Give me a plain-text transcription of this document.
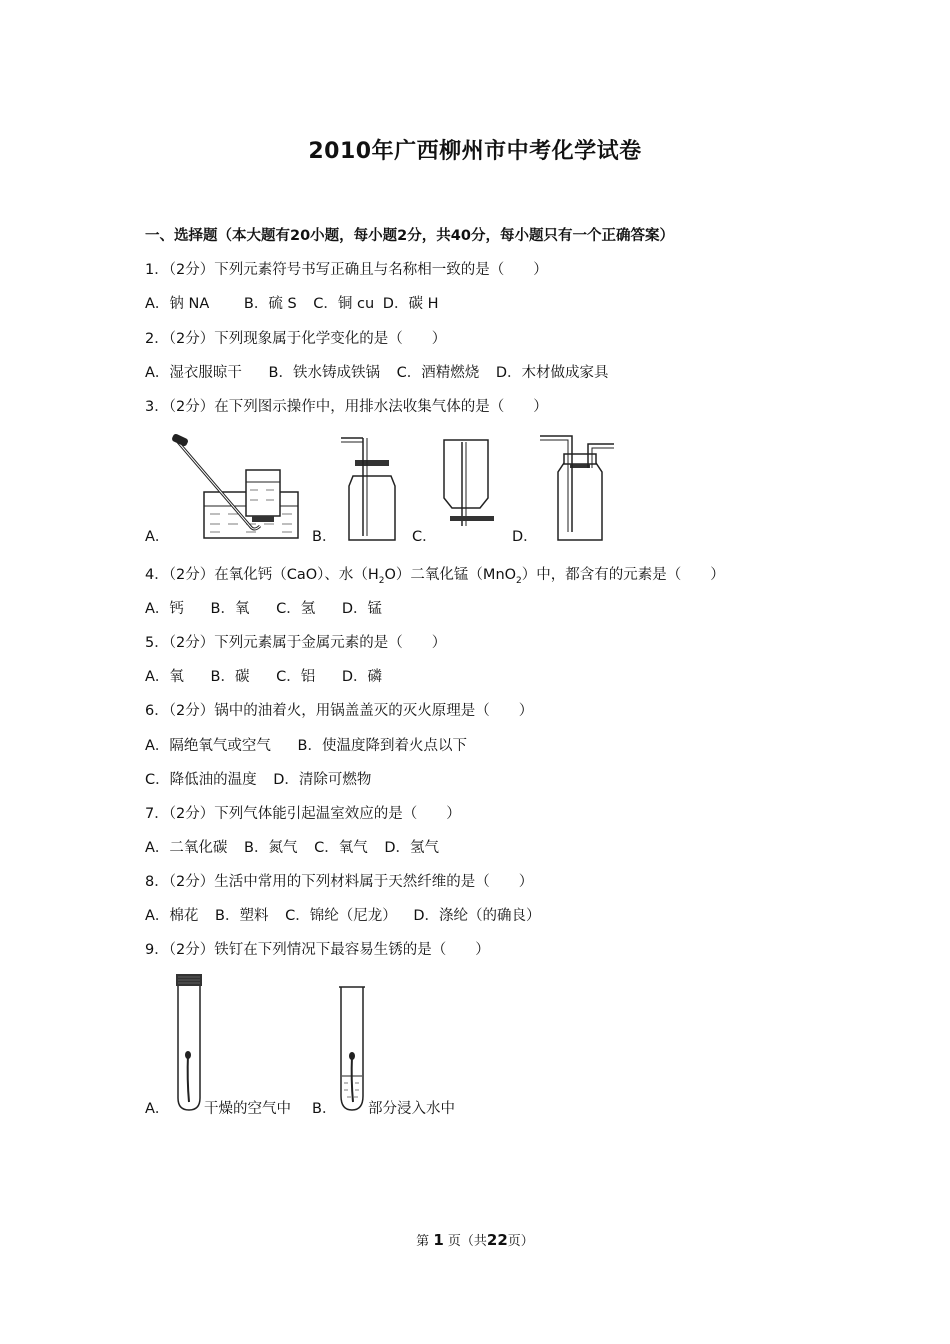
2010年广西柳州市中考化学试卷
一、选择题（本大题有20小题，每小题2分，共40分，每小题只有一个正确答案）
1．（2分）下列元素符号书写正确且与名称相一致的是（　　）
A．钠 NA B．硫 S C．铜 cu D．碳 H
2．（2分）下列现象属于化学变化的是（　　）
A．湿衣服晾干 B．铁水铸成铁锅 C．酒精燃烧 D．木材做成家具
3．（2分）在下列图示操作中，用排水法收集气体的是（　　）
A．	B．	C．	D．
4．（2分）在氧化钙（CaO）、水$(H_2O)$二氧化锰（MnO$_2$）中，都含有的元素是（　　）
A．钙 B．氧 C．氢 D．锰
5．（2分）下列元素属于金属元素的是（　　）
A．氧 B．碳 C．铝 D．磷
6．（2分）锅中的油着火，用锅盖盖灭的灭火原理是（　　）
A．隔绝氧气或空气 B．使温度降到着火点以下
C．降低油的温度 D．清除可燃物
7．（2分）下列气体能引起温室效应的是（　　）
A．二氧化碳 B．氮气 C．氧气 D．氢气
8．（2分）生活中常用的下列材料属于天然纤维的是（　　）
A．棉花 B．塑料 C．锦纶（尼龙） D．涤纶（的确良）
9．（2分）铁钉在下列情况下最容易生锈的是（　　）
A． 干燥的空气中 B． 部分浸入水中
第 1 页（共22页）
